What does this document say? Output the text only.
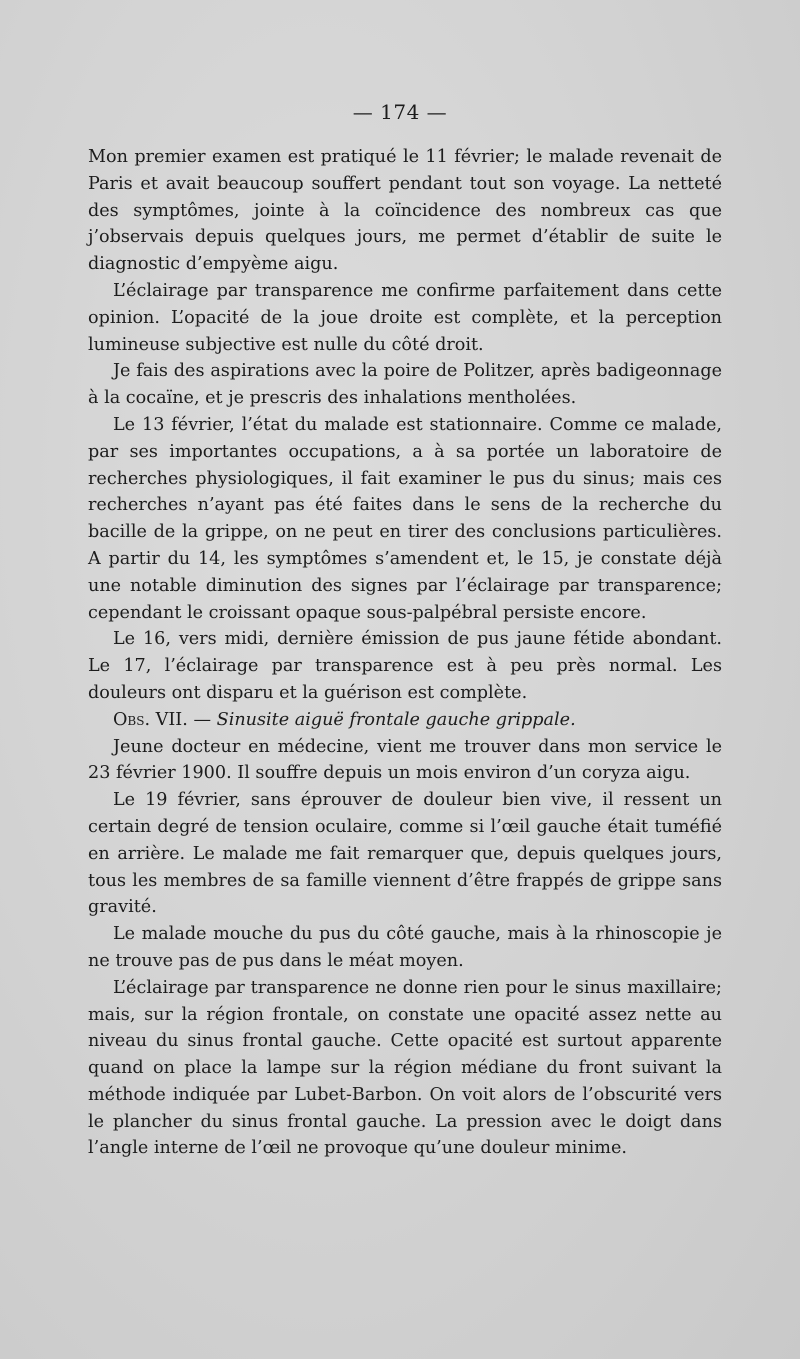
— 174 —

Mon premier examen est pratiqué le 11 février; le malade revenait de Paris et avait beaucoup souffert pendant tout son voyage. La netteté des symptômes, jointe à la coïncidence des nombreux cas que j’observais depuis quelques jours, me permet d’établir de suite le diagnostic d’empyème aigu.

L’éclairage par transparence me confirme parfaitement dans cette opinion. L’opacité de la joue droite est complète, et la perception lumineuse subjective est nulle du côté droit.

Je fais des aspirations avec la poire de Politzer, après badigeonnage à la cocaïne, et je prescris des inhalations mentholées.

Le 13 février, l’état du malade est stationnaire. Comme ce malade, par ses importantes occupations, a à sa portée un laboratoire de recherches physiologiques, il fait examiner le pus du sinus; mais ces recherches n’ayant pas été faites dans le sens de la recherche du bacille de la grippe, on ne peut en tirer des conclusions particulières. A partir du 14, les symptômes s’amendent et, le 15, je constate déjà une notable diminution des signes par l’éclairage par transparence; cependant le croissant opaque sous-palpébral persiste encore.

Le 16, vers midi, dernière émission de pus jaune fétide abondant. Le 17, l’éclairage par transparence est à peu près normal. Les douleurs ont disparu et la guérison est complète.

Obs. VII. — Sinusite aiguë frontale gauche grippale.

Jeune docteur en médecine, vient me trouver dans mon service le 23 février 1900. Il souffre depuis un mois environ d’un coryza aigu.

Le 19 février, sans éprouver de douleur bien vive, il ressent un certain degré de tension oculaire, comme si l’œil gauche était tuméfié en arrière. Le malade me fait remarquer que, depuis quelques jours, tous les membres de sa famille viennent d’être frappés de grippe sans gravité.

Le malade mouche du pus du côté gauche, mais à la rhinoscopie je ne trouve pas de pus dans le méat moyen.

L’éclairage par transparence ne donne rien pour le sinus maxillaire; mais, sur la région frontale, on constate une opacité assez nette au niveau du sinus frontal gauche. Cette opacité est surtout apparente quand on place la lampe sur la région médiane du front suivant la méthode indiquée par Lubet-Barbon. On voit alors de l’obscurité vers le plancher du sinus frontal gauche. La pression avec le doigt dans l’angle interne de l’œil ne provoque qu’une douleur minime.
